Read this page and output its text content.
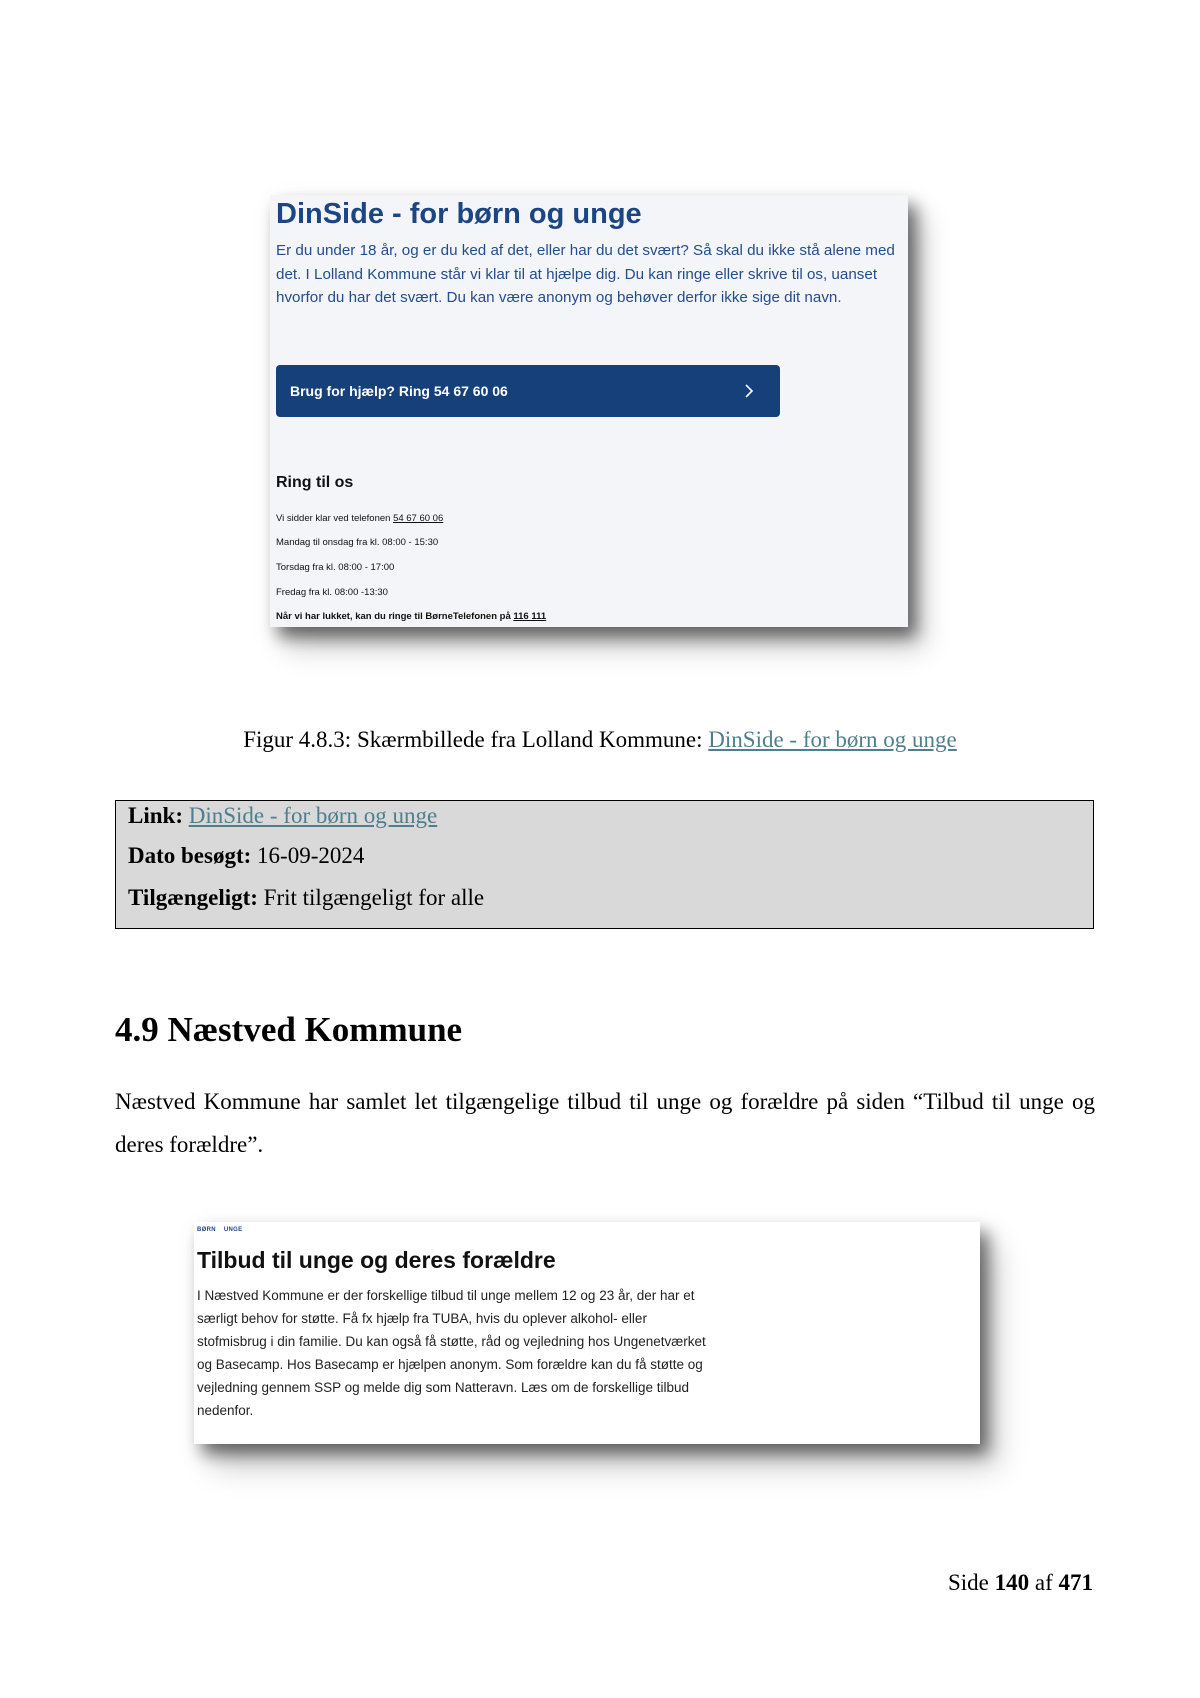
DinSide - for børn og unge
Er du under 18 år, og er du ked af det, eller har du det svært? Så skal du ikke stå alene med det. I Lolland Kommune står vi klar til at hjælpe dig. Du kan ringe eller skrive til os, uanset hvorfor du har det svært. Du kan være anonym og behøver derfor ikke sige dit navn.
Brug for hjælp? Ring 54 67 60 06
Ring til os
Vi sidder klar ved telefonen 54 67 60 06
Mandag til onsdag fra kl. 08:00 - 15:30
Torsdag fra kl. 08:00 - 17:00
Fredag fra kl. 08:00 -13:30
Når vi har lukket, kan du ringe til BørneTelefonen på 116 111
Figur 4.8.3: Skærmbillede fra Lolland Kommune: DinSide - for børn og unge
Link: DinSide - for børn og unge
Dato besøgt: 16-09-2024
Tilgængeligt: Frit tilgængeligt for alle
4.9 Næstved Kommune
Næstved Kommune har samlet let tilgængelige tilbud til unge og forældre på siden “Tilbud til unge og deres forældre”.
BØRN UNGE
Tilbud til unge og deres forældre
I Næstved Kommune er der forskellige tilbud til unge mellem 12 og 23 år, der har et særligt behov for støtte. Få fx hjælp fra TUBA, hvis du oplever alkohol- eller stofmisbrug i din familie. Du kan også få støtte, råd og vejledning hos Ungenetværket og Basecamp. Hos Basecamp er hjælpen anonym. Som forældre kan du få støtte og vejledning gennem SSP og melde dig som Natteravn. Læs om de forskellige tilbud nedenfor.
Side 140 af 471
